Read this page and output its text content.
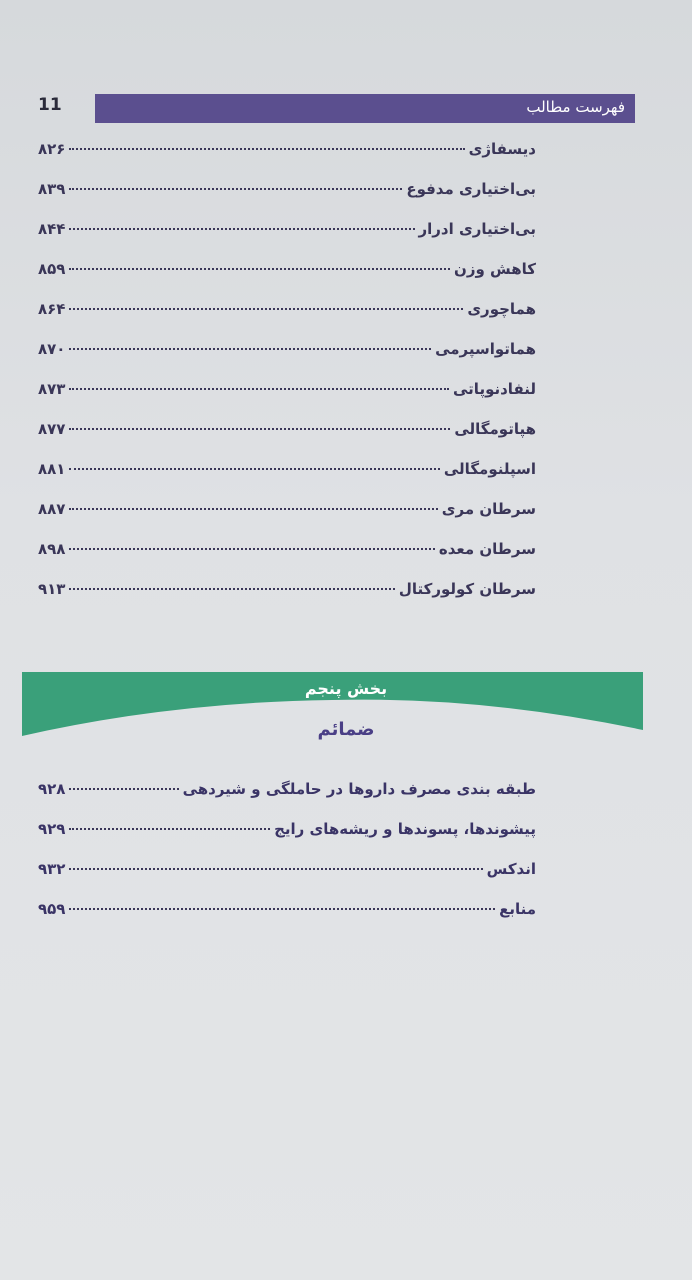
فهرست مطالب
11
دیسفاژی
۸۲۶
بی‌اختیاری مدفوع
۸۳۹
بی‌اختیاری ادرار
۸۴۴
کاهش وزن
۸۵۹
هماچوری
۸۶۴
هماتواسپرمی
۸۷۰
لنفادنوپاتی
۸۷۳
هپاتومگالی
۸۷۷
اسپلنومگالی
۸۸۱
سرطان مری
۸۸۷
سرطان معده
۸۹۸
سرطان کولورکتال
۹۱۳
بخش پنجم
ضمائم
طبقه بندی مصرف داروها در حاملگی و شیردهی
۹۲۸
پیشوندها، پسوندها و ریشه‌های رایج
۹۲۹
اندکس
۹۳۲
منابع
۹۵۹
